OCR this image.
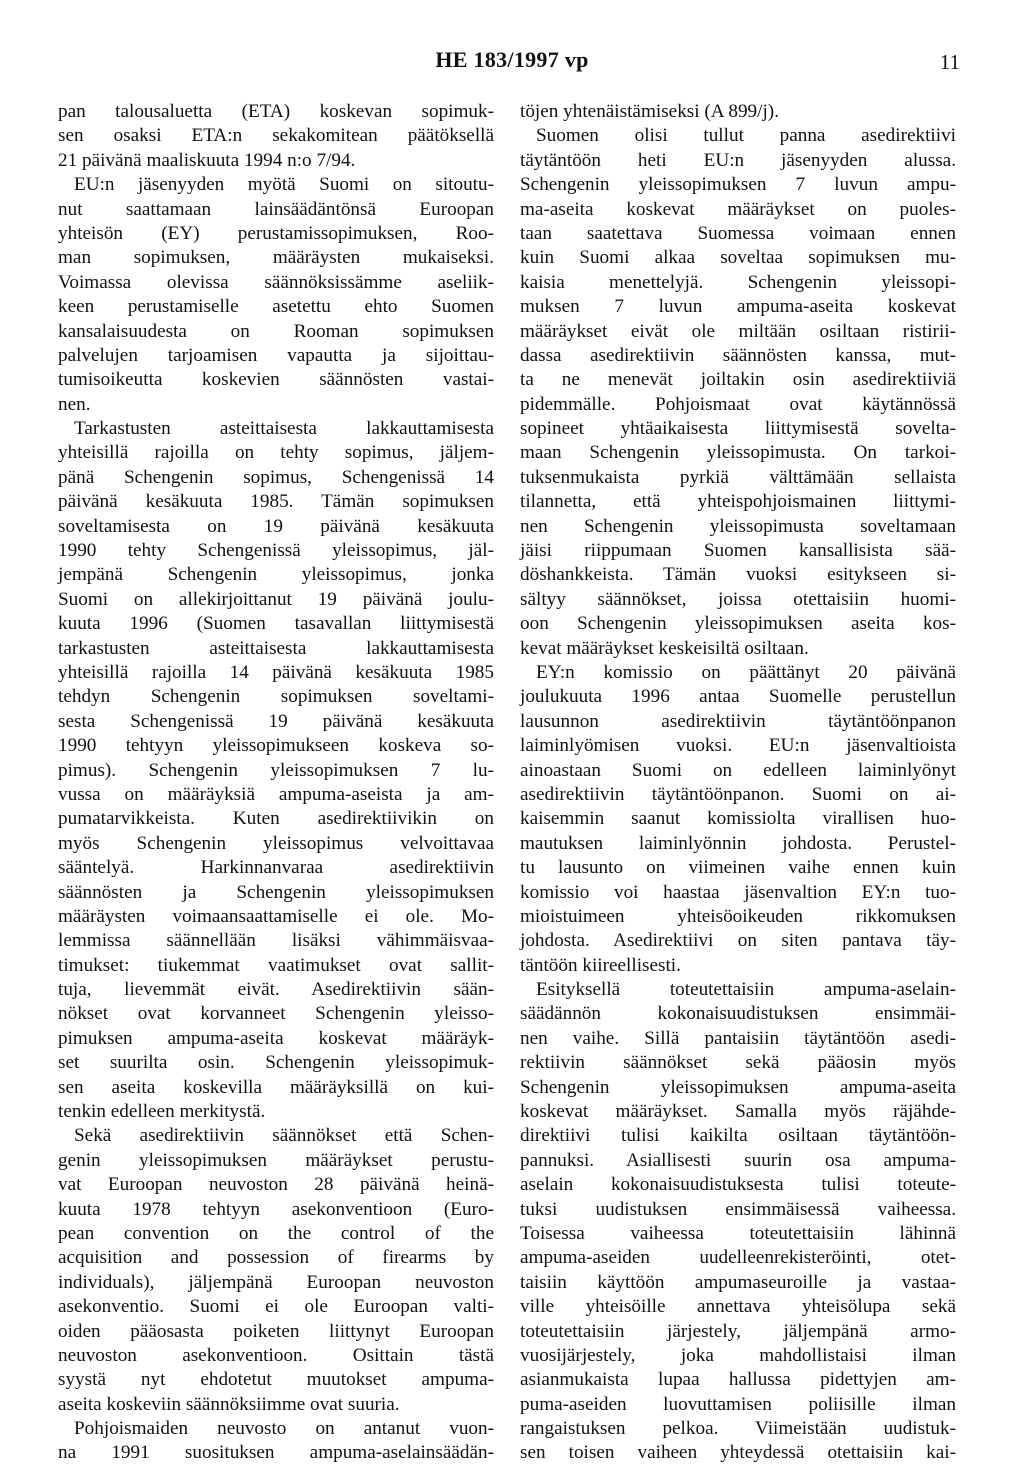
HE 183/1997 vp	11
pan talousaluetta (ETA) koskevan sopimuk-
sen osaksi ETA:n sekakomitean päätöksellä
21 päivänä maaliskuuta 1994 n:o 7/94.
EU:n jäsenyyden myötä Suomi on sitoutu-
nut saattamaan lainsäädäntönsä Euroopan
yhteisön (EY) perustamissopimuksen, Roo-
man sopimuksen, määräysten mukaiseksi.
Voimassa olevissa säännöksissämme aseliik-
keen perustamiselle asetettu ehto Suomen
kansalaisuudesta on Rooman sopimuksen
palvelujen tarjoamisen vapautta ja sijoittau-
tumisoikeutta koskevien säännösten vastai-
nen.
Tarkastusten asteittaisesta lakkauttamisesta
yhteisillä rajoilla on tehty sopimus, jäljem-
pänä Schengenin sopimus, Schengenissä 14
päivänä kesäkuuta 1985. Tämän sopimuksen
soveltamisesta on 19 päivänä kesäkuuta
1990 tehty Schengenissä yleissopimus, jäl-
jempänä Schengenin yleissopimus, jonka
Suomi on allekirjoittanut 19 päivänä joulu-
kuuta 1996 (Suomen tasavallan liittymisestä
tarkastusten asteittaisesta lakkauttamisesta
yhteisillä rajoilla 14 päivänä kesäkuuta 1985
tehdyn Schengenin sopimuksen soveltami-
sesta Schengenissä 19 päivänä kesäkuuta
1990 tehtyyn yleissopimukseen koskeva so-
pimus). Schengenin yleissopimuksen 7 lu-
vussa on määräyksiä ampuma-aseista ja am-
pumatarvikkeista. Kuten asedirektiivikin on
myös Schengenin yleissopimus velvoittavaa
sääntelyä. Harkinnanvaraa asedirektiivin
säännösten ja Schengenin yleissopimuksen
määräysten voimaansaattamiselle ei ole. Mo-
lemmissa säännellään lisäksi vähimmäisvaa-
timukset: tiukemmat vaatimukset ovat sallit-
tuja, lievemmät eivät. Asedirektiivin sään-
nökset ovat korvanneet Schengenin yleisso-
pimuksen ampuma-aseita koskevat määräyk-
set suurilta osin. Schengenin yleissopimuk-
sen aseita koskevilla määräyksillä on kui-
tenkin edelleen merkitystä.
Sekä asedirektiivin säännökset että Schen-
genin yleissopimuksen määräykset perustu-
vat Euroopan neuvoston 28 päivänä heinä-
kuuta 1978 tehtyyn asekonventioon (Euro-
pean convention on the control of the
acquisition and possession of firearms by
individuals), jäljempänä Euroopan neuvoston
asekonventio. Suomi ei ole Euroopan valti-
oiden pääosasta poiketen liittynyt Euroopan
neuvoston asekonventioon. Osittain tästä
syystä nyt ehdotetut muutokset ampuma-
aseita koskeviin säännöksiimme ovat suuria.
Pohjoismaiden neuvosto on antanut vuon-
na 1991 suosituksen ampuma-aselainsäädän-
töjen yhtenäistämiseksi (A 899/j).
Suomen olisi tullut panna asedirektiivi
täytäntöön heti EU:n jäsenyyden alussa.
Schengenin yleissopimuksen 7 luvun ampu-
ma-aseita koskevat määräykset on puoles-
taan saatettava Suomessa voimaan ennen
kuin Suomi alkaa soveltaa sopimuksen mu-
kaisia menettelyjä. Schengenin yleissopi-
muksen 7 luvun ampuma-aseita koskevat
määräykset eivät ole miltään osiltaan ristirii-
dassa asedirektiivin säännösten kanssa, mut-
ta ne menevät joiltakin osin asedirektiiviä
pidemmälle. Pohjoismaat ovat käytännössä
sopineet yhtäaikaisesta liittymisestä sovelta-
maan Schengenin yleissopimusta. On tarkoi-
tuksenmukaista pyrkiä välttämään sellaista
tilannetta, että yhteispohjoismainen liittymi-
nen Schengenin yleissopimusta soveltamaan
jäisi riippumaan Suomen kansallisista sää-
döshankkeista. Tämän vuoksi esitykseen si-
sältyy säännökset, joissa otettaisiin huomi-
oon Schengenin yleissopimuksen aseita kos-
kevat määräykset keskeisiltä osiltaan.
EY:n komissio on päättänyt 20 päivänä
joulukuuta 1996 antaa Suomelle perustellun
lausunnon asedirektiivin täytäntöönpanon
laiminlyömisen vuoksi. EU:n jäsenvaltioista
ainoastaan Suomi on edelleen laiminlyönyt
asedirektiivin täytäntöönpanon. Suomi on ai-
kaisemmin saanut komissiolta virallisen huo-
mautuksen laiminlyönnin johdosta. Perustel-
tu lausunto on viimeinen vaihe ennen kuin
komissio voi haastaa jäsenvaltion EY:n tuo-
mioistuimeen yhteisöoikeuden rikkomuksen
johdosta. Asedirektiivi on siten pantava täy-
täntöön kiireellisesti.
Esityksellä toteutettaisiin ampuma-aselain-
säädännön kokonaisuudistuksen ensimmäi-
nen vaihe. Sillä pantaisiin täytäntöön asedi-
rektiivin säännökset sekä pääosin myös
Schengenin yleissopimuksen ampuma-aseita
koskevat määräykset. Samalla myös räjähde-
direktiivi tulisi kaikilta osiltaan täytäntöön-
pannuksi. Asiallisesti suurin osa ampuma-
aselain kokonaisuudistuksesta tulisi toteute-
tuksi uudistuksen ensimmäisessä vaiheessa.
Toisessa vaiheessa toteutettaisiin lähinnä
ampuma-aseiden uudelleenrekisteröinti, otet-
taisiin käyttöön ampumaseuroille ja vastaa-
ville yhteisöille annettava yhteisölupa sekä
toteutettaisiin järjestely, jäljempänä armo-
vuosijärjestely, joka mahdollistaisi ilman
asianmukaista lupaa hallussa pidettyjen am-
puma-aseiden luovuttamisen poliisille ilman
rangaistuksen pelkoa. Viimeistään uudistuk-
sen toisen vaiheen yhteydessä otettaisiin kai-
